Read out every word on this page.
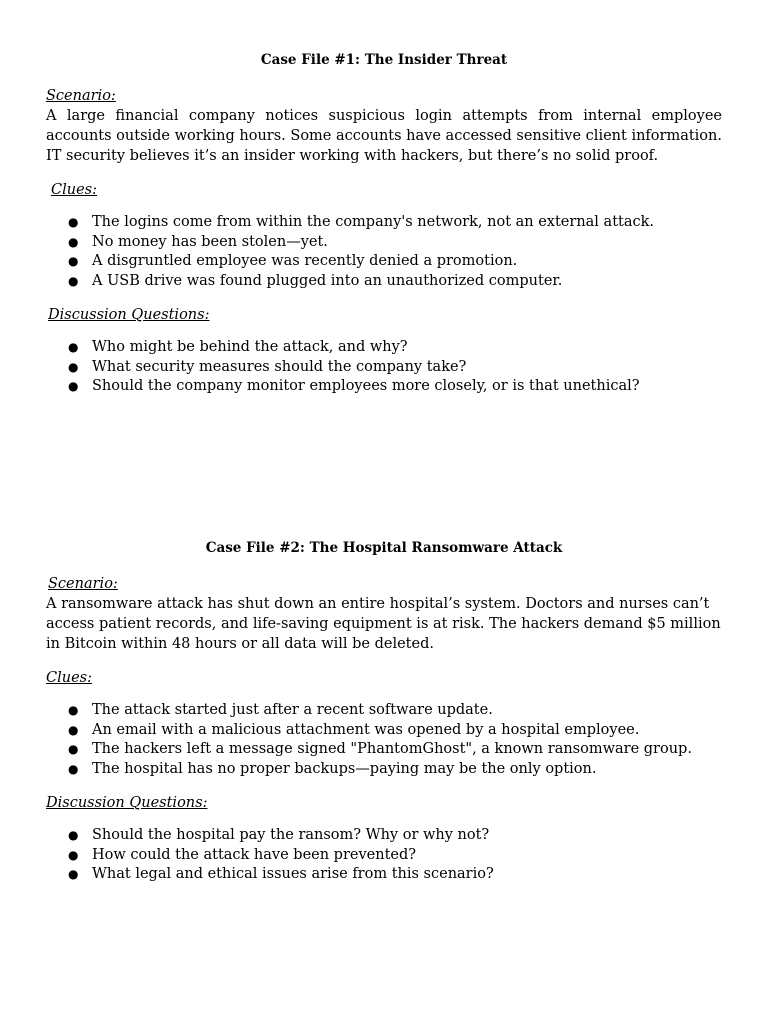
Case File #1: The Insider Threat

Scenario:

A large financial company notices suspicious login attempts from internal employee accounts outside working hours. Some accounts have accessed sensitive client information. IT security believes it’s an insider working with hackers, but there’s no solid proof.

Clues:

● The logins come from within the company's network, not an external attack.
● No money has been stolen—yet.
● A disgruntled employee was recently denied a promotion.
● A USB drive was found plugged into an unauthorized computer.

Discussion Questions:

● Who might be behind the attack, and why?
● What security measures should the company take?
● Should the company monitor employees more closely, or is that unethical?
Case File #2: The Hospital Ransomware Attack

Scenario:

A ransomware attack has shut down an entire hospital’s system. Doctors and nurses can’t access patient records, and life-saving equipment is at risk. The hackers demand $5 million in Bitcoin within 48 hours or all data will be deleted.

Clues:

● The attack started just after a recent software update.
● An email with a malicious attachment was opened by a hospital employee.
● The hackers left a message signed "PhantomGhost", a known ransomware group.
● The hospital has no proper backups—paying may be the only option.

Discussion Questions:

● Should the hospital pay the ransom? Why or why not?
● How could the attack have been prevented?
● What legal and ethical issues arise from this scenario?
